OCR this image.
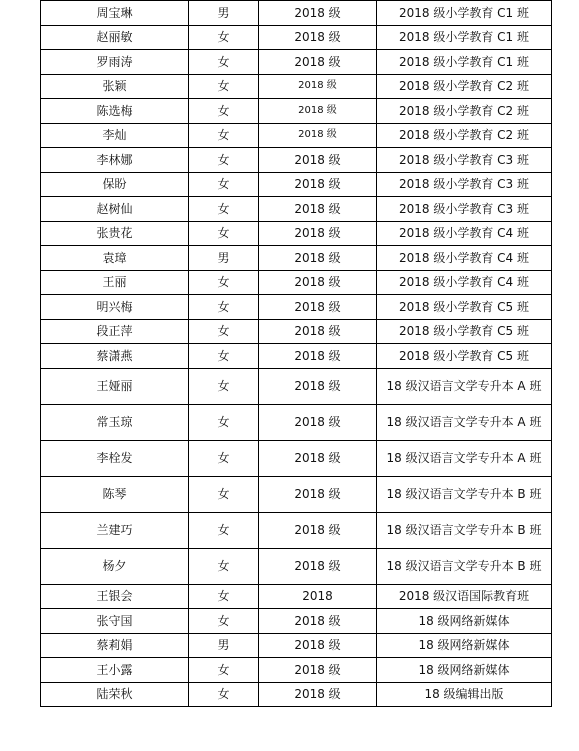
周宝琳	男	2018 级	2018 级小学教育 C1 班
赵丽敏	女	2018 级	2018 级小学教育 C1 班
罗雨涛	女	2018 级	2018 级小学教育 C1 班
张颖	女	2018 级	2018 级小学教育 C2 班
陈选梅	女	2018 级	2018 级小学教育 C2 班
李灿	女	2018 级	2018 级小学教育 C2 班
李林娜	女	2018 级	2018 级小学教育 C3 班
保盼	女	2018 级	2018 级小学教育 C3 班
赵树仙	女	2018 级	2018 级小学教育 C3 班
张贵花	女	2018 级	2018 级小学教育 C4 班
袁璋	男	2018 级	2018 级小学教育 C4 班
王丽	女	2018 级	2018 级小学教育 C4 班
明兴梅	女	2018 级	2018 级小学教育 C5 班
段正萍	女	2018 级	2018 级小学教育 C5 班
蔡潇燕	女	2018 级	2018 级小学教育 C5 班
王娅丽	女	2018 级	18 级汉语言文学专升本 A 班
常玉琼	女	2018 级	18 级汉语言文学专升本 A 班
李栓发	女	2018 级	18 级汉语言文学专升本 A 班
陈琴	女	2018 级	18 级汉语言文学专升本 B 班
兰建巧	女	2018 级	18 级汉语言文学专升本 B 班
杨夕	女	2018 级	18 级汉语言文学专升本 B 班
王银会	女	2018	2018 级汉语国际教育班
张守国	女	2018 级	18 级网络新媒体
蔡莉娟	男	2018 级	18 级网络新媒体
王小露	女	2018 级	18 级网络新媒体
陆荣秋	女	2018 级	18 级编辑出版
